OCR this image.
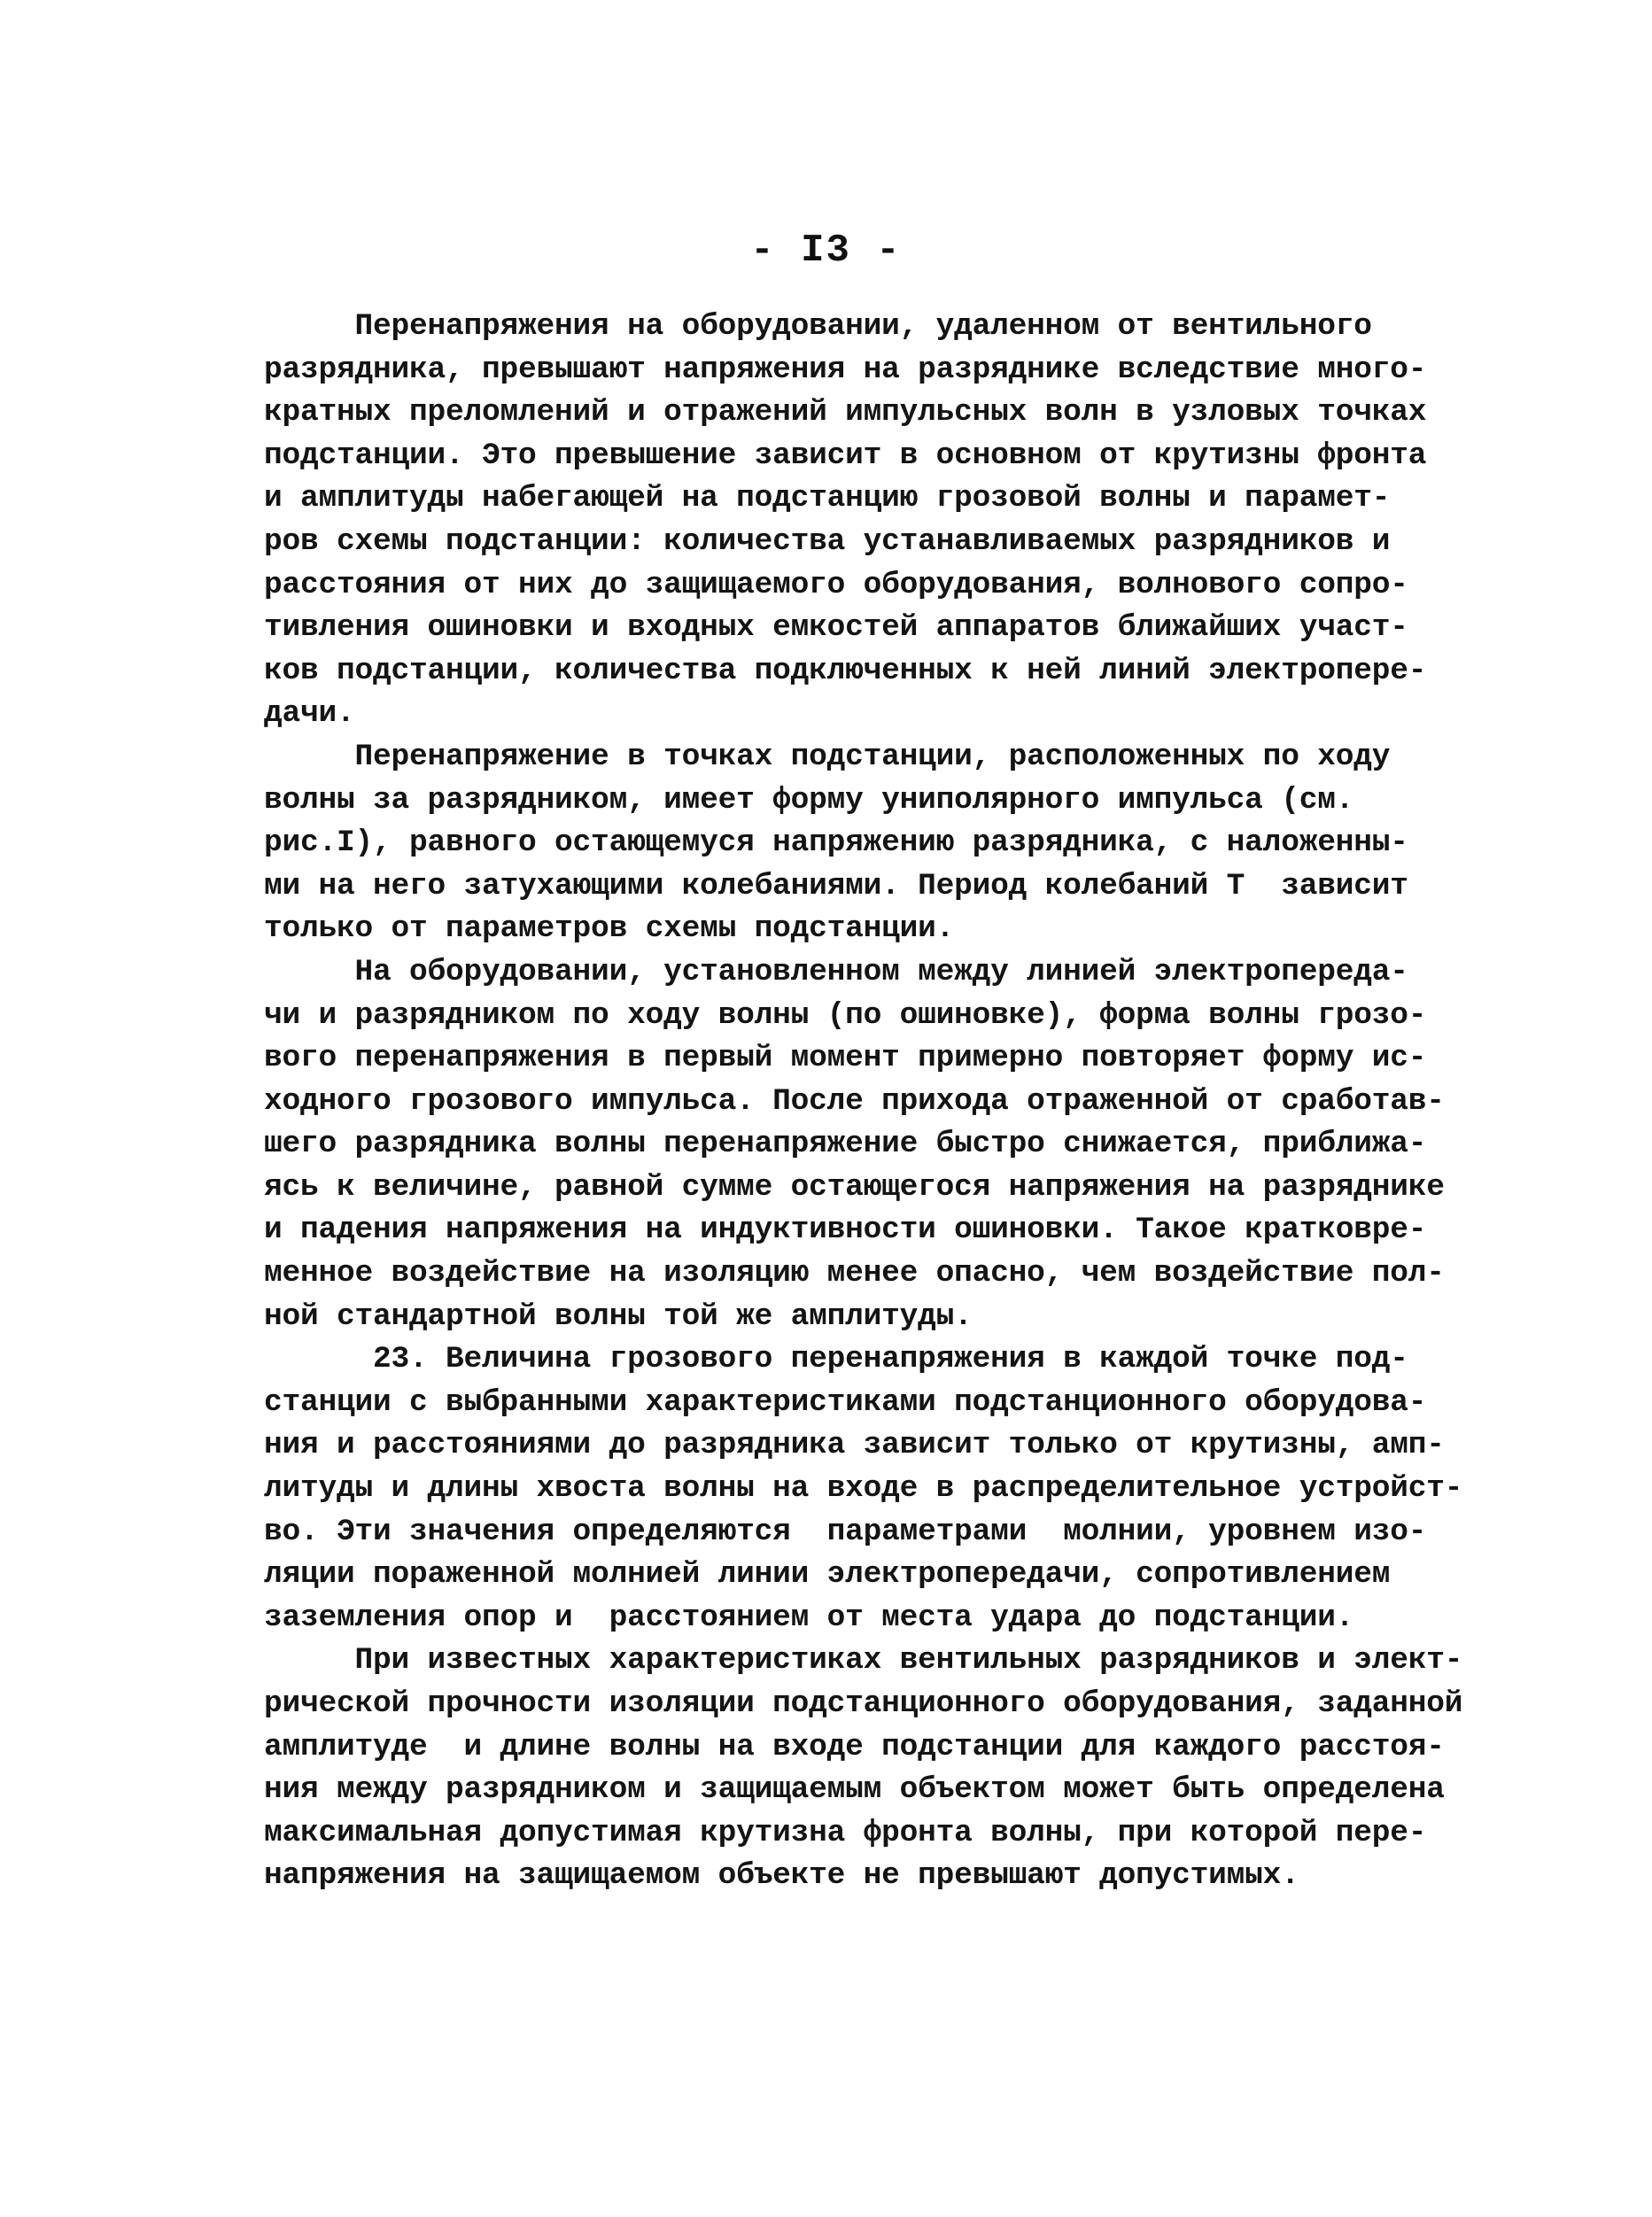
- I3 -
Перенапряжения на оборудовании, удаленном от вентильного
разрядника, превышают напряжения на разряднике вследствие много-
кратных преломлений и отражений импульсных волн в узловых точках
подстанции. Это превышение зависит в основном от крутизны фронта
и амплитуды набегающей на подстанцию грозовой волны и парамет-
ров схемы подстанции: количества устанавливаемых разрядников и
расстояния от них до защищаемого оборудования, волнового сопро-
тивления ошиновки и входных емкостей аппаратов ближайших участ-
ков подстанции, количества подключенных к ней линий электропере-
дачи.
Перенапряжение в точках подстанции, расположенных по ходу
волны за разрядником, имеет форму униполярного импульса (см.
рис.I), равного остающемуся напряжению разрядника, с наложенны-
ми на него затухающими колебаниями. Период колебаний T  зависит
только от параметров схемы подстанции.
На оборудовании, установленном между линией электропереда-
чи и разрядником по ходу волны (по ошиновке), форма волны грозо-
вого перенапряжения в первый момент примерно повторяет форму ис-
ходного грозового импульса. После прихода отраженной от сработав-
шего разрядника волны перенапряжение быстро снижается, приближа-
ясь к величине, равной сумме остающегося напряжения на разряднике
и падения напряжения на индуктивности ошиновки. Такое кратковре-
менное воздействие на изоляцию менее опасно, чем воздействие пол-
ной стандартной волны той же амплитуды.
23. Величина грозового перенапряжения в каждой точке под-
станции с выбранными характеристиками подстанционного оборудова-
ния и расстояниями до разрядника зависит только от крутизны, амп-
литуды и длины хвоста волны на входе в распределительное устройст-
во. Эти значения определяются  параметрами  молнии, уровнем изо-
ляции пораженной молнией линии электропередачи, сопротивлением
заземления опор и  расстоянием от места удара до подстанции.
При известных характеристиках вентильных разрядников и элект-
рической прочности изоляции подстанционного оборудования, заданной
амплитуде  и длине волны на входе подстанции для каждого расстоя-
ния между разрядником и защищаемым объектом может быть определена
максимальная допустимая крутизна фронта волны, при которой пере-
напряжения на защищаемом объекте не превышают допустимых.
